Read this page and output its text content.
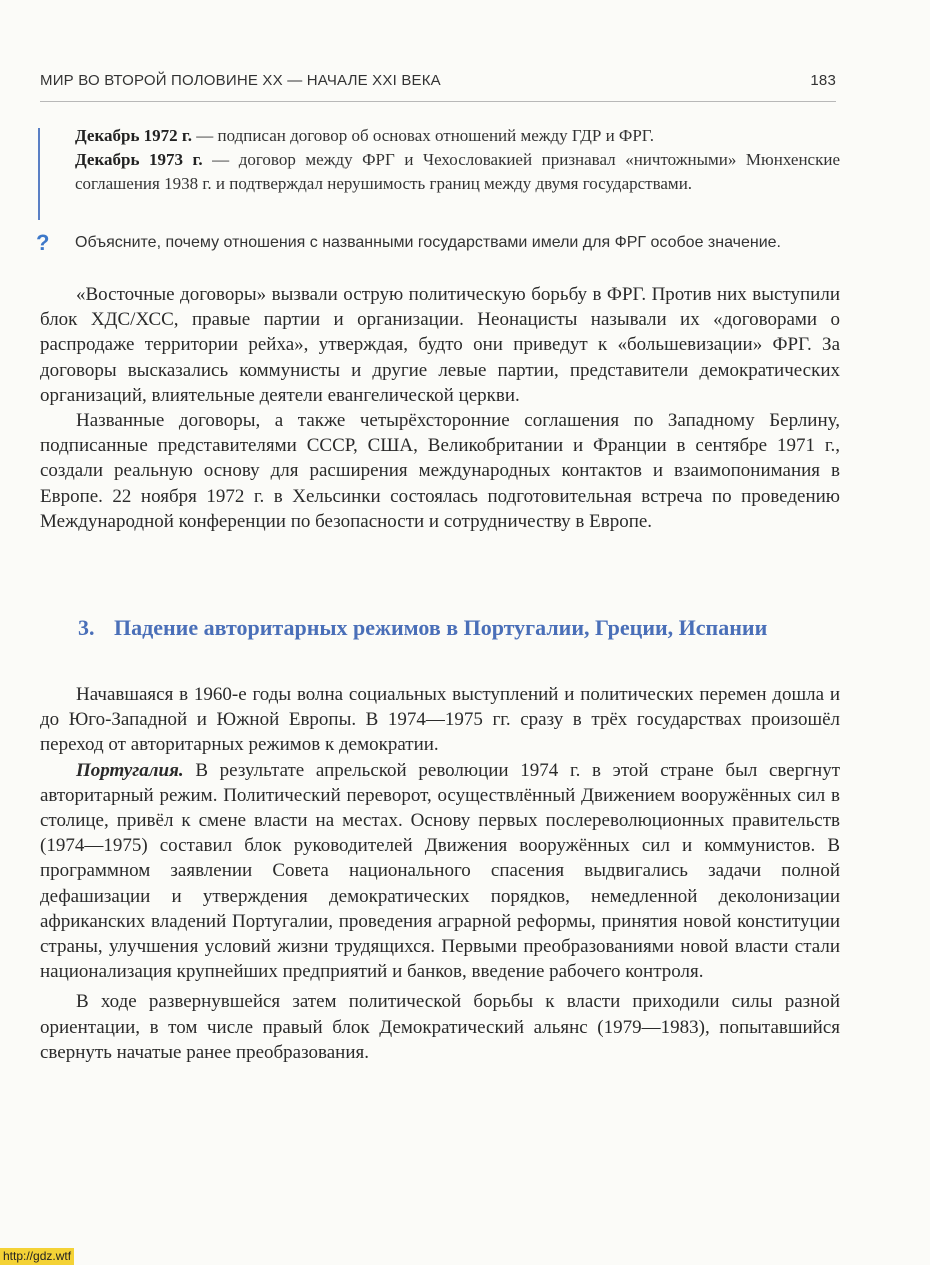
МИР ВО ВТОРОЙ ПОЛОВИНЕ XX — НАЧАЛЕ XXI ВЕКА	183

Декабрь 1972 г. — подписан договор об основах отношений между ГДР и ФРГ.

Декабрь 1973 г. — договор между ФРГ и Чехословакией признавал «ничтожными» Мюнхенские соглашения 1938 г. и подтверждал нерушимость границ между двумя государствами.

? Объясните, почему отношения с названными государствами имели для ФРГ особое значение.

«Восточные договоры» вызвали острую политическую борьбу в ФРГ. Против них выступили блок ХДС/ХСС, правые партии и организации. Неонацисты называли их «договорами о распродаже территории рейха», утверждая, будто они приведут к «большевизации» ФРГ. За договоры высказались коммунисты и другие левые партии, представители демократических организаций, влиятельные деятели евангелической церкви.

Названные договоры, а также четырёхсторонние соглашения по Западному Берлину, подписанные представителями СССР, США, Великобритании и Франции в сентябре 1971 г., создали реальную основу для расширения международных контактов и взаимопонимания в Европе. 22 ноября 1972 г. в Хельсинки состоялась подготовительная встреча по проведению Международной конференции по безопасности и сотрудничеству в Европе.

3. Падение авторитарных режимов в Португалии, Греции, Испании

Начавшаяся в 1960-е годы волна социальных выступлений и политических перемен дошла и до Юго-Западной и Южной Европы. В 1974—1975 гг. сразу в трёх государствах произошёл переход от авторитарных режимов к демократии.

Португалия. В результате апрельской революции 1974 г. в этой стране был свергнут авторитарный режим. Политический переворот, осуществлённый Движением вооружённых сил в столице, привёл к смене власти на местах. Основу первых послереволюционных правительств (1974—1975) составил блок руководителей Движения вооружённых сил и коммунистов. В программном заявлении Совета национального спасения выдвигались задачи полной дефашизации и утверждения демократических порядков, немедленной деколонизации африканских владений Португалии, проведения аграрной реформы, принятия новой конституции страны, улучшения условий жизни трудящихся. Первыми преобразованиями новой власти стали национализация крупнейших предприятий и банков, введение рабочего контроля.

В ходе развернувшейся затем политической борьбы к власти приходили силы разной ориентации, в том числе правый блок Демократический альянс (1979—1983), попытавшийся свернуть начатые ранее преобразования.

http://gdz.wtf
